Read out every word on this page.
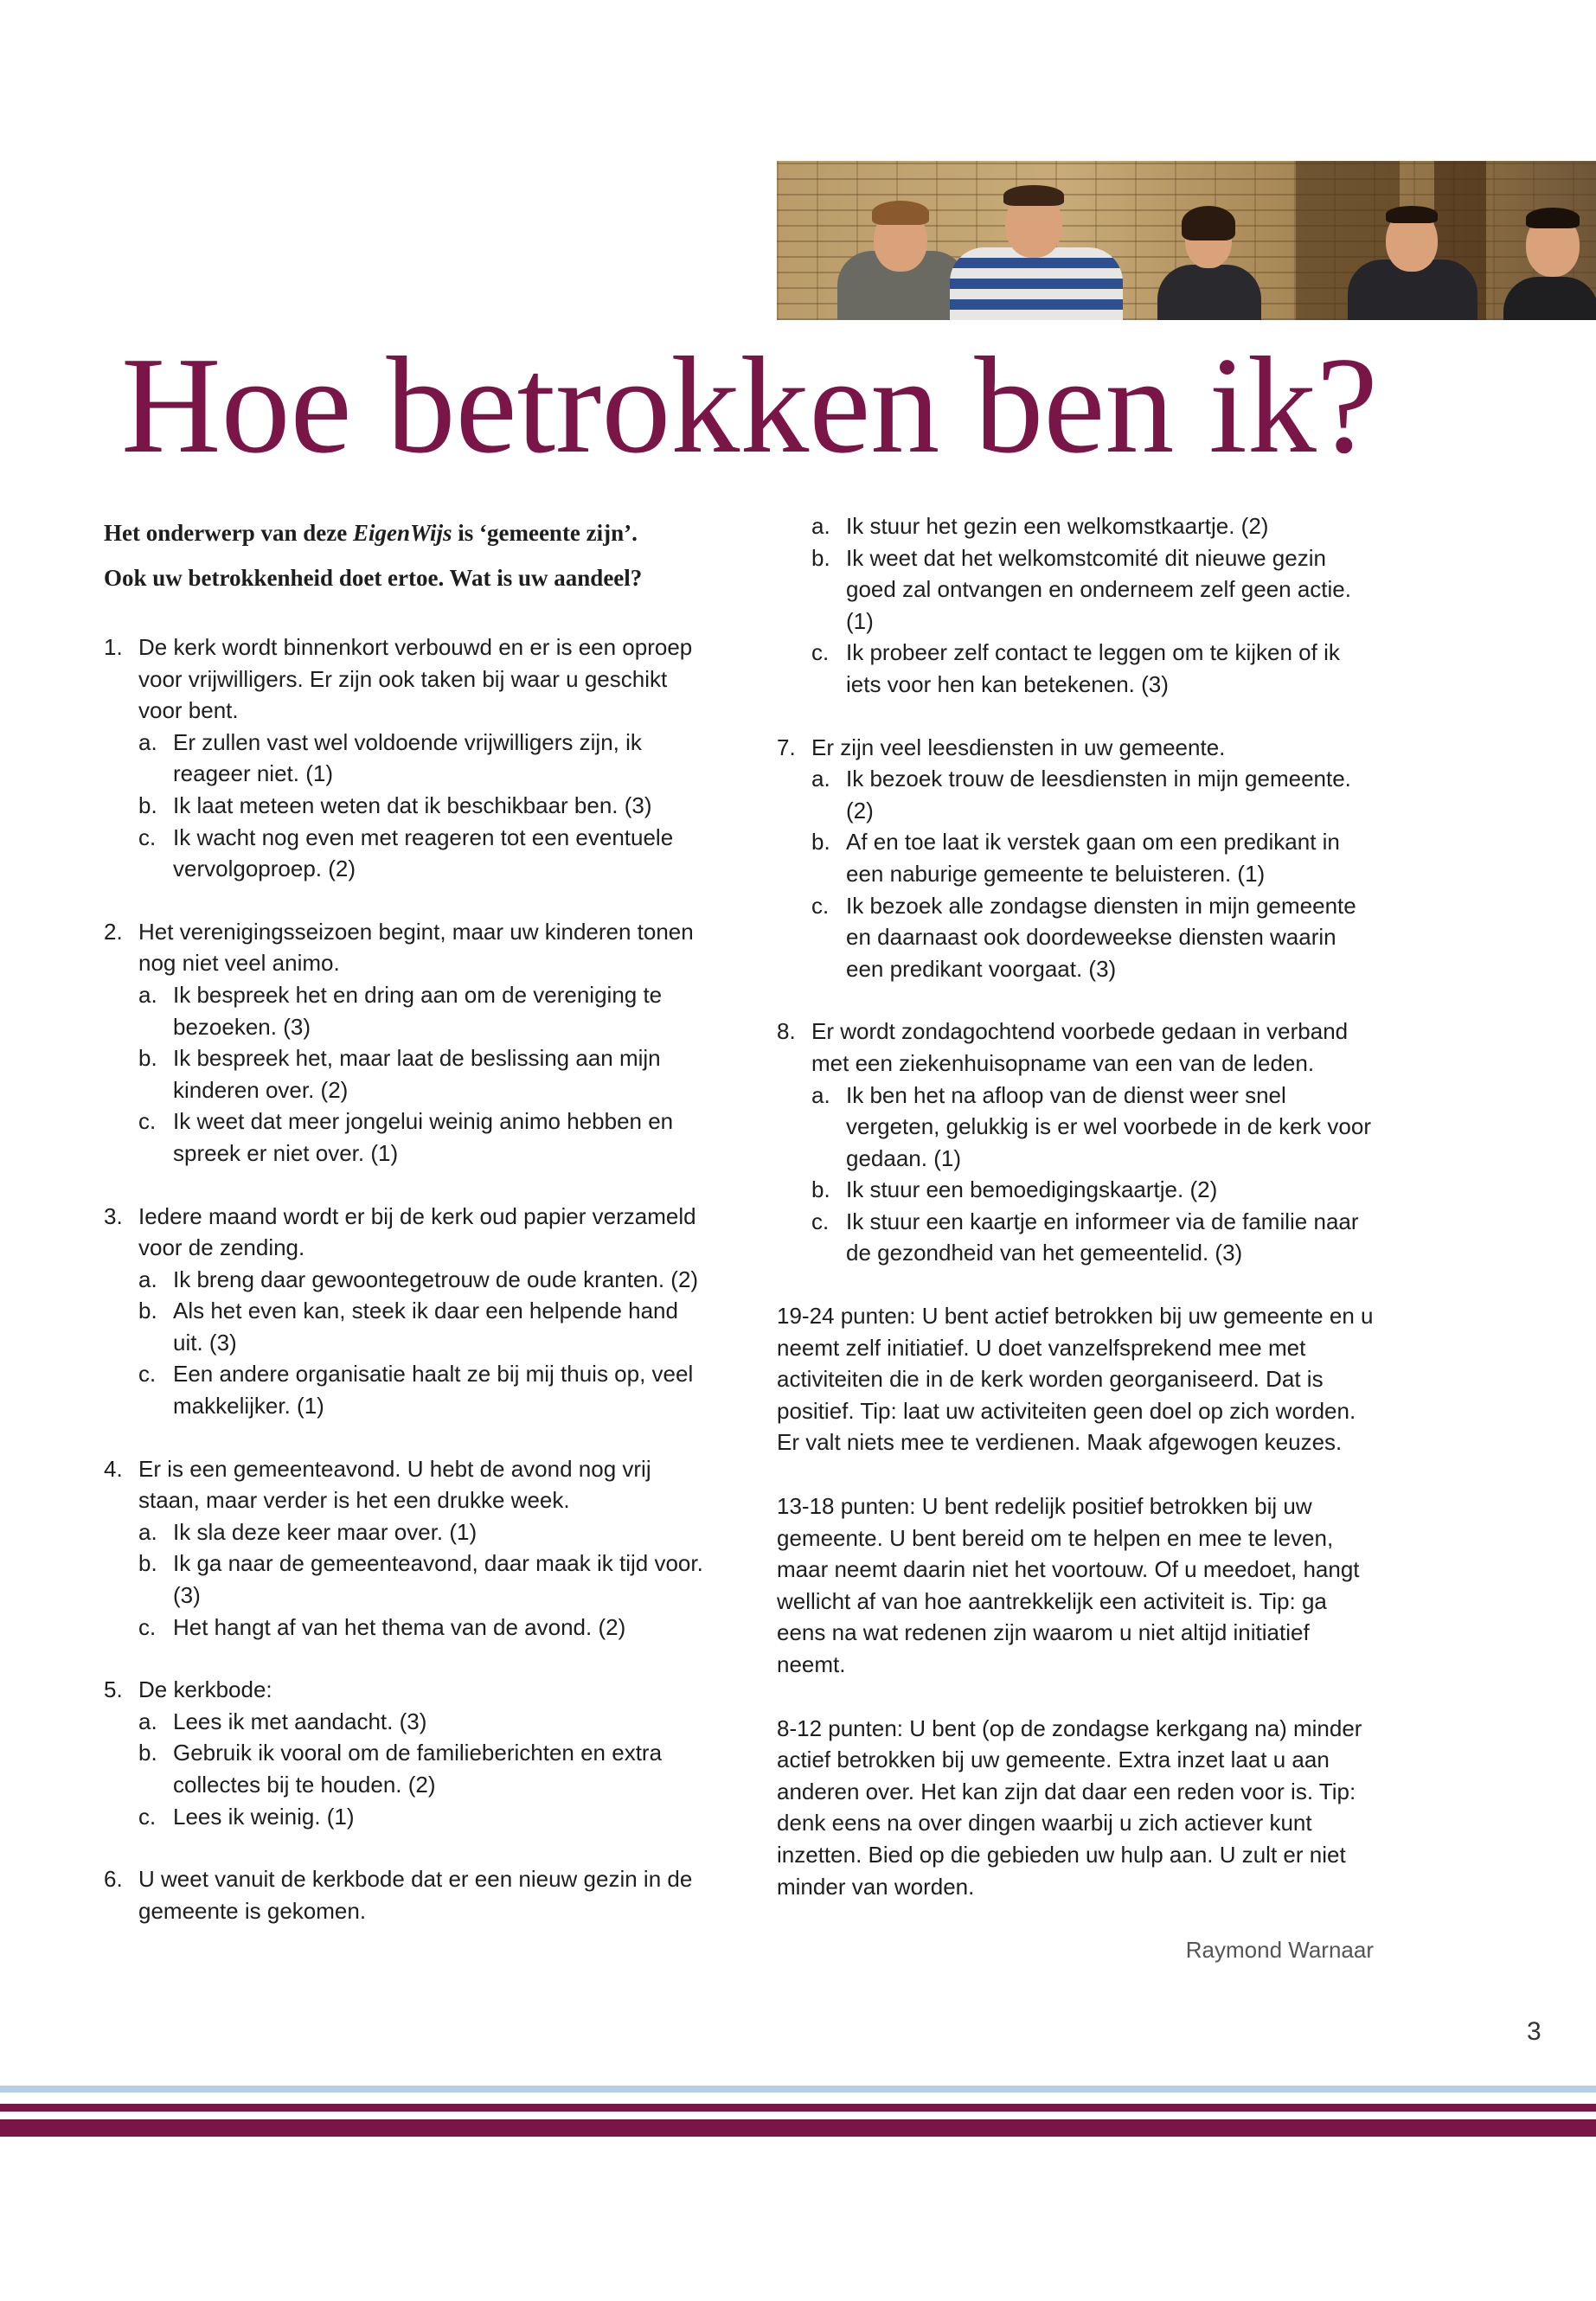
Hoe betrokken ben ik?
Het onderwerp van deze EigenWijs is ‘gemeente zijn’.
Ook uw betrokkenheid doet ertoe. Wat is uw aandeel?
1. De kerk wordt binnenkort verbouwd en er is een oproep voor vrijwilligers. Er zijn ook taken bij waar u geschikt voor bent.
a. Er zullen vast wel voldoende vrijwilligers zijn, ik reageer niet. (1)
b. Ik laat meteen weten dat ik beschikbaar ben. (3)
c. Ik wacht nog even met reageren tot een eventuele vervolgoproep. (2)
2. Het verenigingsseizoen begint, maar uw kinderen tonen nog niet veel animo.
a. Ik bespreek het en dring aan om de vereniging te bezoeken. (3)
b. Ik bespreek het, maar laat de beslissing aan mijn kinderen over. (2)
c. Ik weet dat meer jongelui weinig animo hebben en spreek er niet over. (1)
3. Iedere maand wordt er bij de kerk oud papier verzameld voor de zending.
a. Ik breng daar gewoontegetrouw de oude kranten. (2)
b. Als het even kan, steek ik daar een helpende hand uit. (3)
c. Een andere organisatie haalt ze bij mij thuis op, veel makkelijker. (1)
4. Er is een gemeenteavond. U hebt de avond nog vrij staan, maar verder is het een drukke week.
a. Ik sla deze keer maar over. (1)
b. Ik ga naar de gemeenteavond, daar maak ik tijd voor. (3)
c. Het hangt af van het thema van de avond. (2)
5. De kerkbode:
a. Lees ik met aandacht. (3)
b. Gebruik ik vooral om de familieberichten en extra collectes bij te houden. (2)
c. Lees ik weinig. (1)
6. U weet vanuit de kerkbode dat er een nieuw gezin in de gemeente is gekomen.
a. Ik stuur het gezin een welkomstkaartje. (2)
b. Ik weet dat het welkomstcomité dit nieuwe gezin goed zal ontvangen en onderneem zelf geen actie. (1)
c. Ik probeer zelf contact te leggen om te kijken of ik iets voor hen kan betekenen. (3)
7. Er zijn veel leesdiensten in uw gemeente.
a. Ik bezoek trouw de leesdiensten in mijn gemeente. (2)
b. Af en toe laat ik verstek gaan om een predikant in een naburige gemeente te beluisteren. (1)
c. Ik bezoek alle zondagse diensten in mijn gemeente en daarnaast ook doordeweekse diensten waarin een predikant voorgaat. (3)
8. Er wordt zondagochtend voorbede gedaan in verband met een ziekenhuisopname van een van de leden.
a. Ik ben het na afloop van de dienst weer snel vergeten, gelukkig is er wel voorbede in de kerk voor gedaan. (1)
b. Ik stuur een bemoedigingskaartje. (2)
c. Ik stuur een kaartje en informeer via de familie naar de gezondheid van het gemeentelid. (3)
19-24 punten: U bent actief betrokken bij uw gemeente en u neemt zelf initiatief. U doet vanzelfsprekend mee met activiteiten die in de kerk worden georganiseerd. Dat is positief. Tip: laat uw activiteiten geen doel op zich worden. Er valt niets mee te verdienen. Maak afgewogen keuzes.
13-18 punten: U bent redelijk positief betrokken bij uw gemeente. U bent bereid om te helpen en mee te leven, maar neemt daarin niet het voortouw. Of u meedoet, hangt wellicht af van hoe aantrekkelijk een activiteit is. Tip: ga eens na wat redenen zijn waarom u niet altijd initiatief neemt.
8-12 punten: U bent (op de zondagse kerkgang na) minder actief betrokken bij uw gemeente. Extra inzet laat u aan anderen over. Het kan zijn dat daar een reden voor is. Tip: denk eens na over dingen waarbij u zich actiever kunt inzetten. Bied op die gebieden uw hulp aan. U zult er niet minder van worden.
Raymond Warnaar
3
